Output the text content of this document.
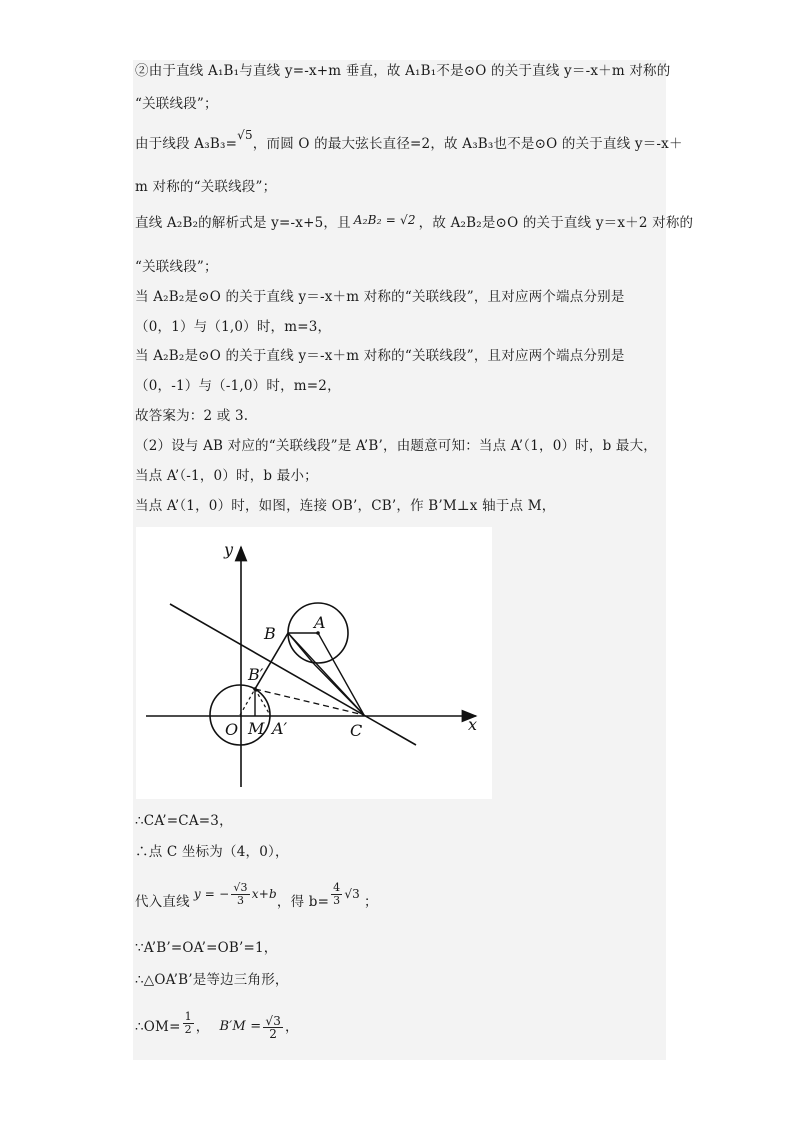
②由于直线 A₁B₁与直线 y=-x+m 垂直，故 A₁B₁不是⊙O 的关于直线 y＝-x＋m 对称的
“关联线段”；
由于线段 A₃B₃=√5，而圆 O 的最大弦长直径=2，故 A₃B₃也不是⊙O 的关于直线 y＝-x＋
m 对称的“关联线段”；
直线 A₂B₂的解析式是 y=-x+5，且 A₂B₂ = √2 ，故 A₂B₂是⊙O 的关于直线 y＝x＋2 对称的
“关联线段”；
当 A₂B₂是⊙O 的关于直线 y＝-x＋m 对称的“关联线段”，且对应两个端点分别是
（0，1）与（1,0）时，m=3，
当 A₂B₂是⊙O 的关于直线 y＝-x＋m 对称的“关联线段”，且对应两个端点分别是
（0，-1）与（-1,0）时，m=2，
故答案为：2 或 3.
（2）设与 AB 对应的“关联线段”是 A’B’，由题意可知：当点 A’（1，0）时，b 最大，
当点 A’（-1，0）时，b 最小；
当点 A’（1，0）时，如图，连接 OB’，CB’，作 B’M⊥x 轴于点 M，
y
x
B
A
B′
O M A′	C
∴CA’=CA=3，
∴点 C 坐标为（4，0），
代入直线 y = − $\frac{√3}{3} x+b$ ，得 $b= \frac{4}{3} √3$ ；
∵A’B’=OA’=OB’=1，
∴△OA’B’是等边三角形，
∴OM= $\frac{1}{2}$ ， $B'M = \frac{√3}{2}$ ，
